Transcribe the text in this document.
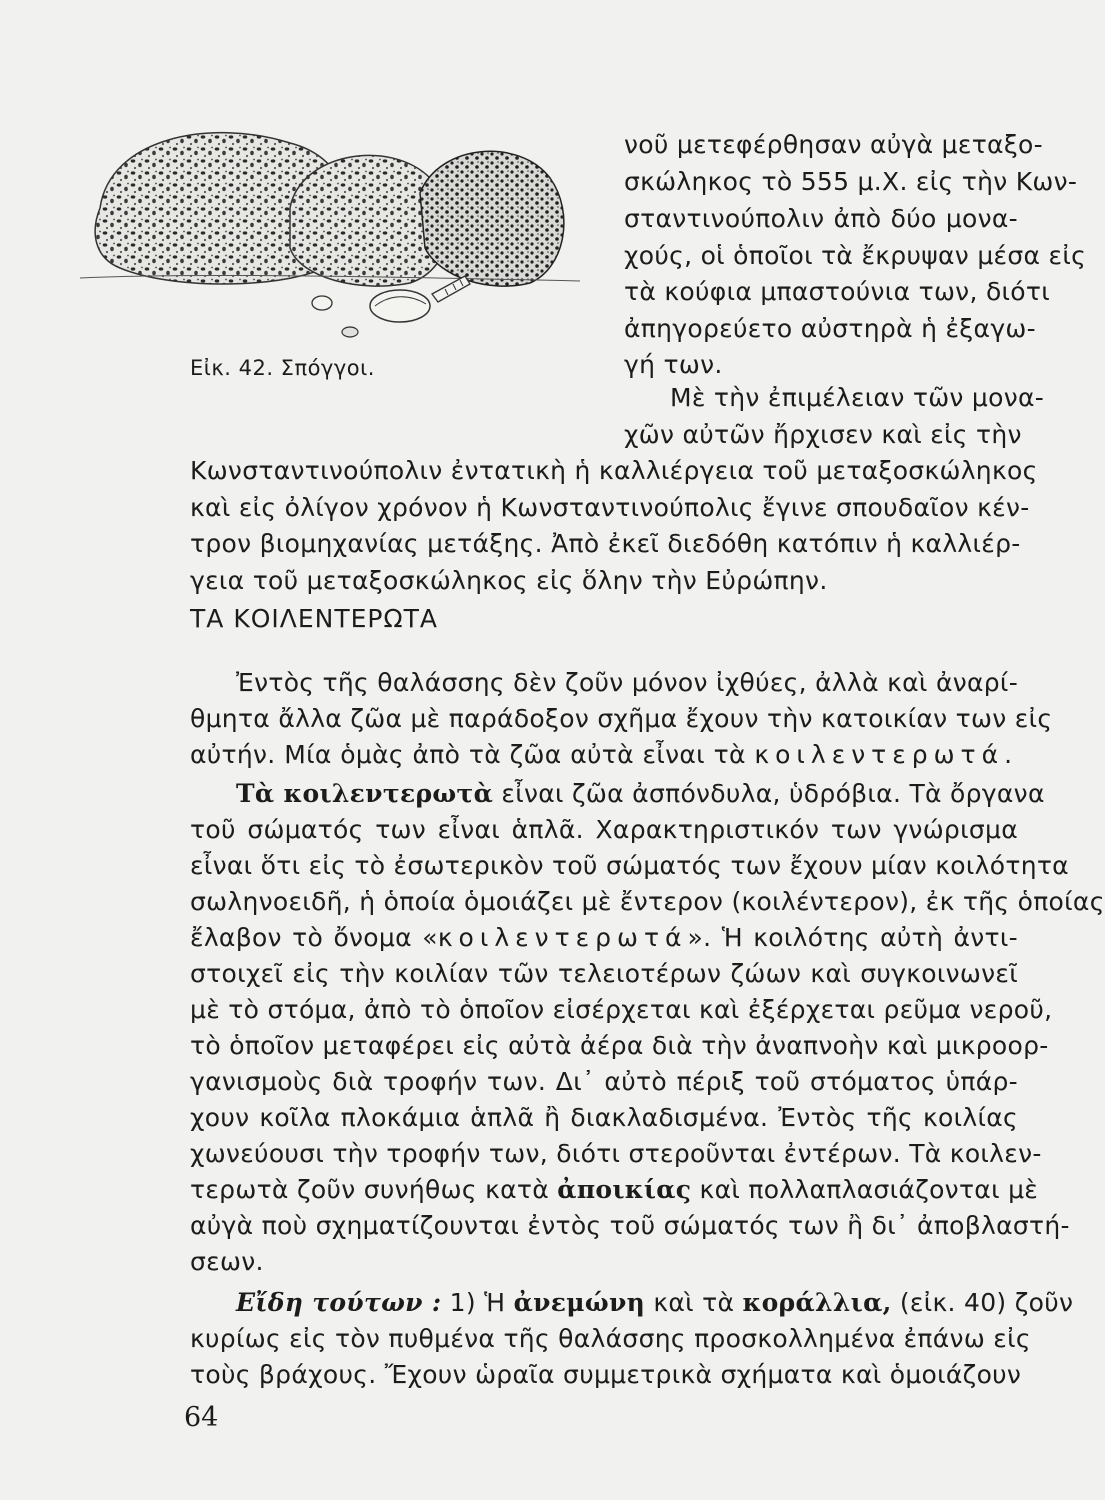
Εἰκ. 42. Σπόγγοι.
νοῦ μετεφέρθησαν αὐγὰ μεταξο-
σκώληκος τὸ 555 μ.Χ. εἰς τὴν Κων-
σταντινούπολιν ἀπὸ δύο μονα-
χούς, οἱ ὁποῖοι τὰ ἔκρυψαν μέσα εἰς
τὰ κούφια μπαστούνια των, διότι
ἀπηγορεύετο αὐστηρὰ ἡ ἐξαγω-
γή των.
Μὲ τὴν ἐπιμέλειαν τῶν μονα-
χῶν αὐτῶν ἤρχισεν καὶ εἰς τὴν
Κωνσταντινούπολιν ἐντατικὴ ἡ καλλιέργεια τοῦ μεταξοσκώληκος
καὶ εἰς ὀλίγον χρόνον ἡ Κωνσταντινούπολις ἔγινε σπουδαῖον κέν-
τρον βιομηχανίας μετάξης. Ἀπὸ ἐκεῖ διεδόθη κατόπιν ἡ καλλιέρ-
γεια τοῦ μεταξοσκώληκος εἰς ὅλην τὴν Εὐρώπην.
ΤΑ ΚΟΙΛΕΝΤΕΡΩΤΑ
Ἐντὸς τῆς θαλάσσης δὲν ζοῦν μόνον ἰχθύες, ἀλλὰ καὶ ἀναρί-
θμητα ἄλλα ζῶα μὲ παράδοξον σχῆμα ἔχουν τὴν κατοικίαν των εἰς
αὐτήν. Μία ὁμὰς ἀπὸ τὰ ζῶα αὐτὰ εἶναι τὰ κοιλεντερωτά.
Τὰ κοιλεντερωτὰ εἶναι ζῶα ἀσπόνδυλα, ὑδρόβια. Τὰ ὄργανα
τοῦ σώματός των εἶναι ἁπλᾶ. Χαρακτηριστικόν των γνώρισμα
εἶναι ὅτι εἰς τὸ ἐσωτερικὸν τοῦ σώματός των ἔχουν μίαν κοιλότητα
σωληνοειδῆ, ἡ ὁποία ὁμοιάζει μὲ ἔντερον (κοιλέντερον), ἐκ τῆς ὁποίας
ἔλαβον τὸ ὄνομα «κοιλεντερωτά». Ἡ κοιλότης αὐτὴ ἀντι-
στοιχεῖ εἰς τὴν κοιλίαν τῶν τελειοτέρων ζώων καὶ συγκοινωνεῖ
μὲ τὸ στόμα, ἀπὸ τὸ ὁποῖον εἰσέρχεται καὶ ἐξέρχεται ρεῦμα νεροῦ,
τὸ ὁποῖον μεταφέρει εἰς αὐτὰ ἀέρα διὰ τὴν ἀναπνοὴν καὶ μικροορ-
γανισμοὺς διὰ τροφήν των. Δι᾽ αὐτὸ πέριξ τοῦ στόματος ὑπάρ-
χουν κοῖλα πλοκάμια ἁπλᾶ ἢ διακλαδισμένα. Ἐντὸς τῆς κοιλίας
χωνεύουσι τὴν τροφήν των, διότι στεροῦνται ἐντέρων. Τὰ κοιλεν-
τερωτὰ ζοῦν συνήθως κατὰ ἀποικίας καὶ πολλαπλασιάζονται μὲ
αὐγὰ ποὺ σχηματίζουνται ἐντὸς τοῦ σώματός των ἢ δι᾽ ἀποβλαστή-
σεων.
Εἴδη τούτων : 1) Ἡ ἀνεμώνη καὶ τὰ κοράλλια, (εἰκ. 40) ζοῦν
κυρίως εἰς τὸν πυθμένα τῆς θαλάσσης προσκολλημένα ἐπάνω εἰς
τοὺς βράχους. Ἔχουν ὡραῖα συμμετρικὰ σχήματα καὶ ὁμοιάζουν
64
